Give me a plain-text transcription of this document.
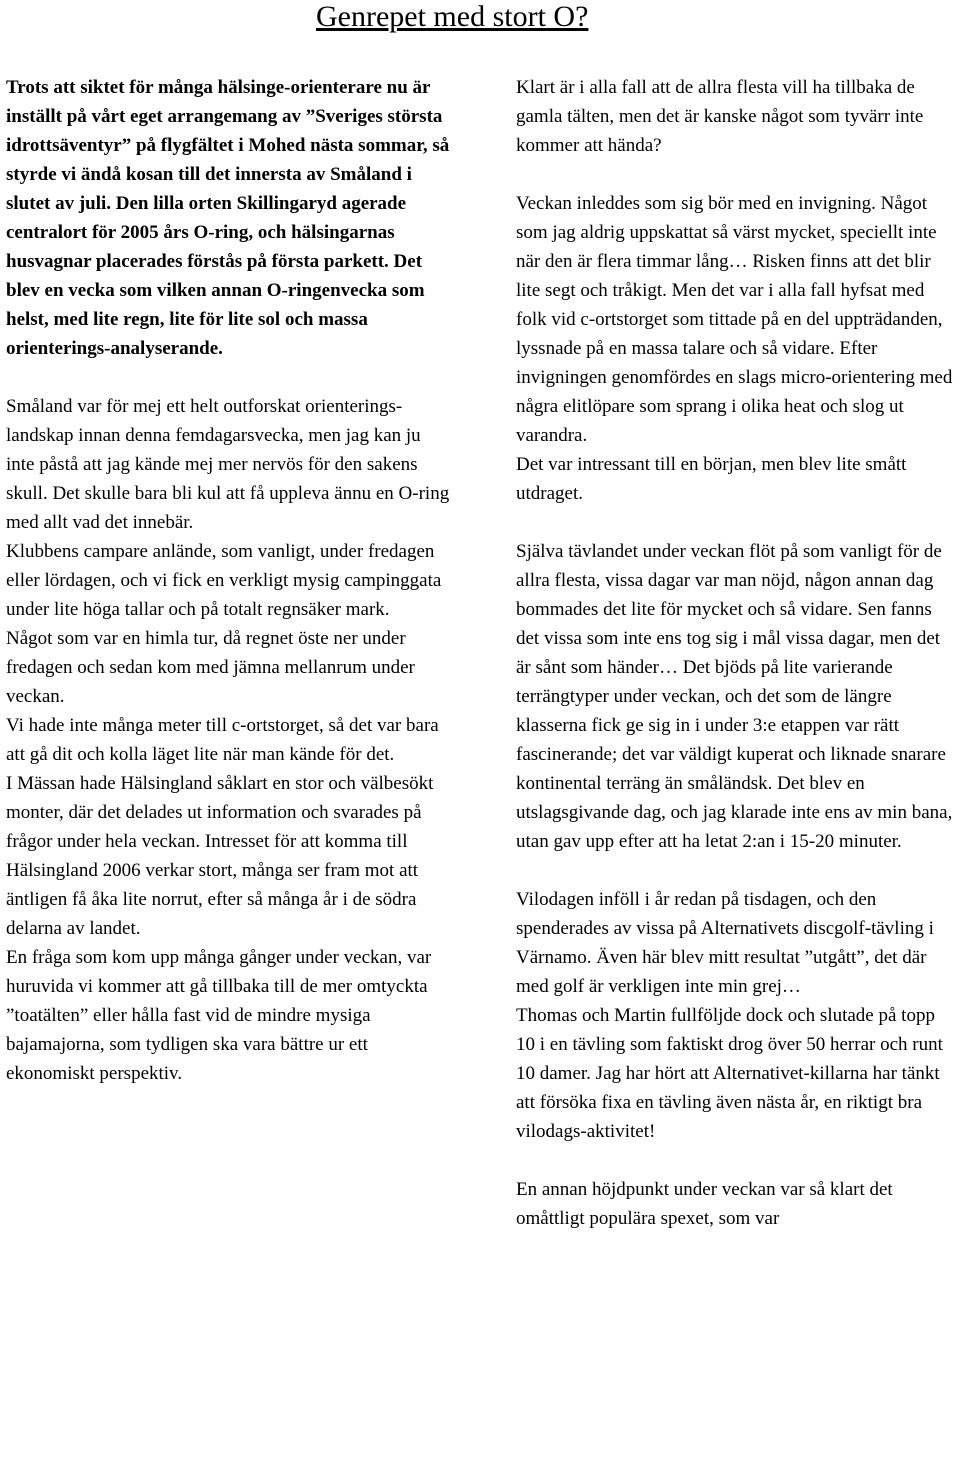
Genrepet med stort O?

Trots att siktet för många hälsinge-orienterare nu är inställt på vårt eget arrangemang av ”Sveriges största idrottsäventyr” på flygfältet i Mohed nästa sommar, så styrde vi ändå kosan till det innersta av Småland i slutet av juli. Den lilla orten Skillingaryd agerade centralort för 2005 års O-ring, och hälsingarnas husvagnar placerades förstås på första parkett. Det blev en vecka som vilken annan O-ringenvecka som helst, med lite regn, lite för lite sol och massa orienterings-analyserande.

Småland var för mej ett helt outforskat orienterings-landskap innan denna femdagarsvecka, men jag kan ju inte påstå att jag kände mej mer nervös för den sakens skull. Det skulle bara bli kul att få uppleva ännu en O-ring med allt vad det innebär.

Klubbens campare anlände, som vanligt, under fredagen eller lördagen, och vi fick en verkligt mysig campinggata under lite höga tallar och på totalt regnsäker mark.

Något som var en himla tur, då regnet öste ner under fredagen och sedan kom med jämna mellanrum under veckan.

Vi hade inte många meter till c-ortstorget, så det var bara att gå dit och kolla läget lite när man kände för det.

I Mässan hade Hälsingland såklart en stor och välbesökt monter, där det delades ut information och svarades på frågor under hela veckan. Intresset för att komma till Hälsingland 2006 verkar stort, många ser fram mot att äntligen få åka lite norrut, efter så många år i de södra delarna av landet.

En fråga som kom upp många gånger under veckan, var huruvida vi kommer att gå tillbaka till de mer omtyckta ”toatälten” eller hålla fast vid de mindre mysiga bajamajorna, som tydligen ska vara bättre ur ett ekonomiskt perspektiv.

Klart är i alla fall att de allra flesta vill ha tillbaka de gamla tälten, men det är kanske något som tyvärr inte kommer att hända?

Veckan inleddes som sig bör med en invigning. Något som jag aldrig uppskattat så värst mycket, speciellt inte när den är flera timmar lång… Risken finns att det blir lite segt och tråkigt. Men det var i alla fall hyfsat med folk vid c-ortstorget som tittade på en del uppträdanden, lyssnade på en massa talare och så vidare. Efter invigningen genomfördes en slags micro-orientering med några elitlöpare som sprang i olika heat och slog ut varandra.

Det var intressant till en början, men blev lite smått utdraget.

Själva tävlandet under veckan flöt på som vanligt för de allra flesta, vissa dagar var man nöjd, någon annan dag bommades det lite för mycket och så vidare. Sen fanns det vissa som inte ens tog sig i mål vissa dagar, men det är sånt som händer… Det bjöds på lite varierande terrängtyper under veckan, och det som de längre klasserna fick ge sig in i under 3:e etappen var rätt fascinerande; det var väldigt kuperat och liknade snarare kontinental terräng än småländsk. Det blev en utslagsgivande dag, och jag klarade inte ens av min bana, utan gav upp efter att ha letat 2:an i 15-20 minuter.

Vilodagen inföll i år redan på tisdagen, och den spenderades av vissa på Alternativets discgolf-tävling i Värnamo. Även här blev mitt resultat ”utgått”, det där med golf är verkligen inte min grej…

Thomas och Martin fullföljde dock och slutade på topp 10 i en tävling som faktiskt drog över 50 herrar och runt 10 damer. Jag har hört att Alternativet-killarna har tänkt att försöka fixa en tävling även nästa år, en riktigt bra vilodags-aktivitet!

En annan höjdpunkt under veckan var så klart det omåttligt populära spexet, som var
